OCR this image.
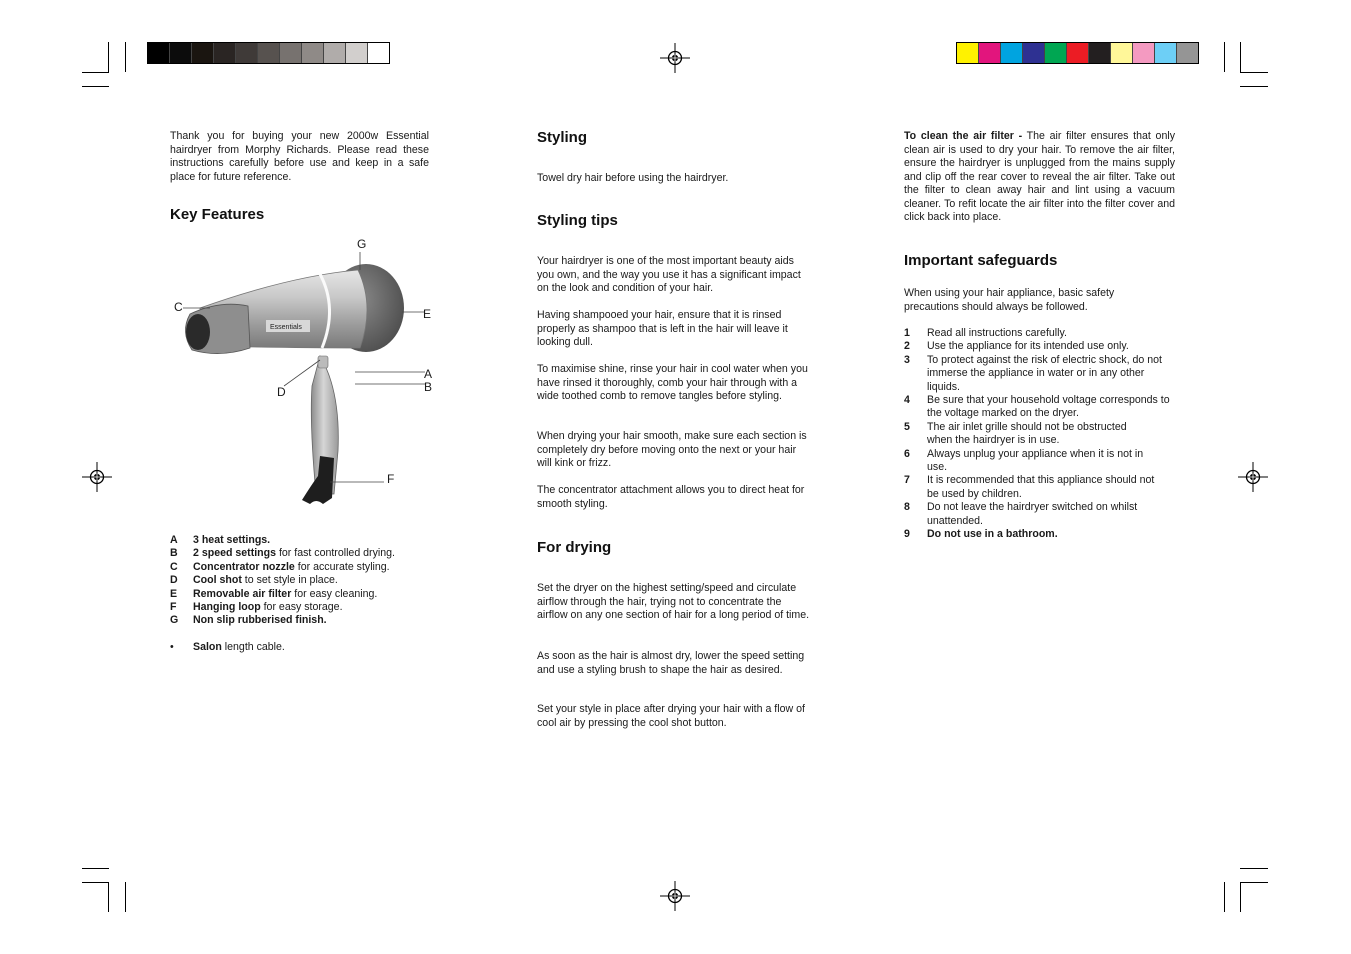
Thank you for buying your new 2000w Essential hairdryer from Morphy Richards. Please read these instructions carefully before use and keep in a safe place for future reference.
Key Features
Essentials
G
C	E
A
B
D
F
A	3 heat settings.
B	2 speed settings for fast controlled drying.
C	Concentrator nozzle for accurate styling.
D	Cool shot to set style in place.
E	Removable air filter for easy cleaning.
F	Hanging loop for easy storage.
G	Non slip rubberised finish.
•	Salon length cable.
Styling
Towel dry hair before using the hairdryer.
Styling tips
Your hairdryer is one of the most important beauty aids you own, and the way you use it has a significant impact on the look and condition of your hair.
Having shampooed your hair, ensure that it is rinsed properly as shampoo that is left in the hair will leave it looking dull.
To maximise shine, rinse your hair in cool water when you have rinsed it thoroughly, comb your hair through with a wide toothed comb to remove tangles before styling.
When drying your hair smooth, make sure each section is completely dry before moving onto the next or your hair will kink or frizz.
The concentrator attachment allows you to direct heat for smooth styling.
For drying
Set the dryer on the highest setting/speed and circulate airflow through the hair, trying not to concentrate the airflow on any one section of hair for a long period of time.
As soon as the hair is almost dry, lower the speed setting and use a styling brush to shape the hair as desired.
Set your style in place after drying your hair with a flow of cool air by pressing the cool shot button.
To clean the air filter - The air filter ensures that only clean air is used to dry your hair. To remove the air filter, ensure the hairdryer is unplugged from the mains supply and clip off the rear cover to reveal the air filter. Take out the filter to clean away hair and lint using a vacuum cleaner. To refit locate the air filter into the filter cover and click back into place.
Important safeguards
When using your hair appliance, basic safety precautions should always be followed.
1	Read all instructions carefully.
2	Use the appliance for its intended use only.
3	To protect against the risk of electric shock, do not immerse the appliance in water or in any other liquids.
4	Be sure that your household voltage corresponds to the voltage marked on the dryer.
5	The air inlet grille should not be obstructed when the hairdryer is in use.
6	Always unplug your appliance when it is not in use.
7	It is recommended that this appliance should not be used by children.
8	Do not leave the hairdryer switched on whilst unattended.
9	Do not use in a bathroom.
